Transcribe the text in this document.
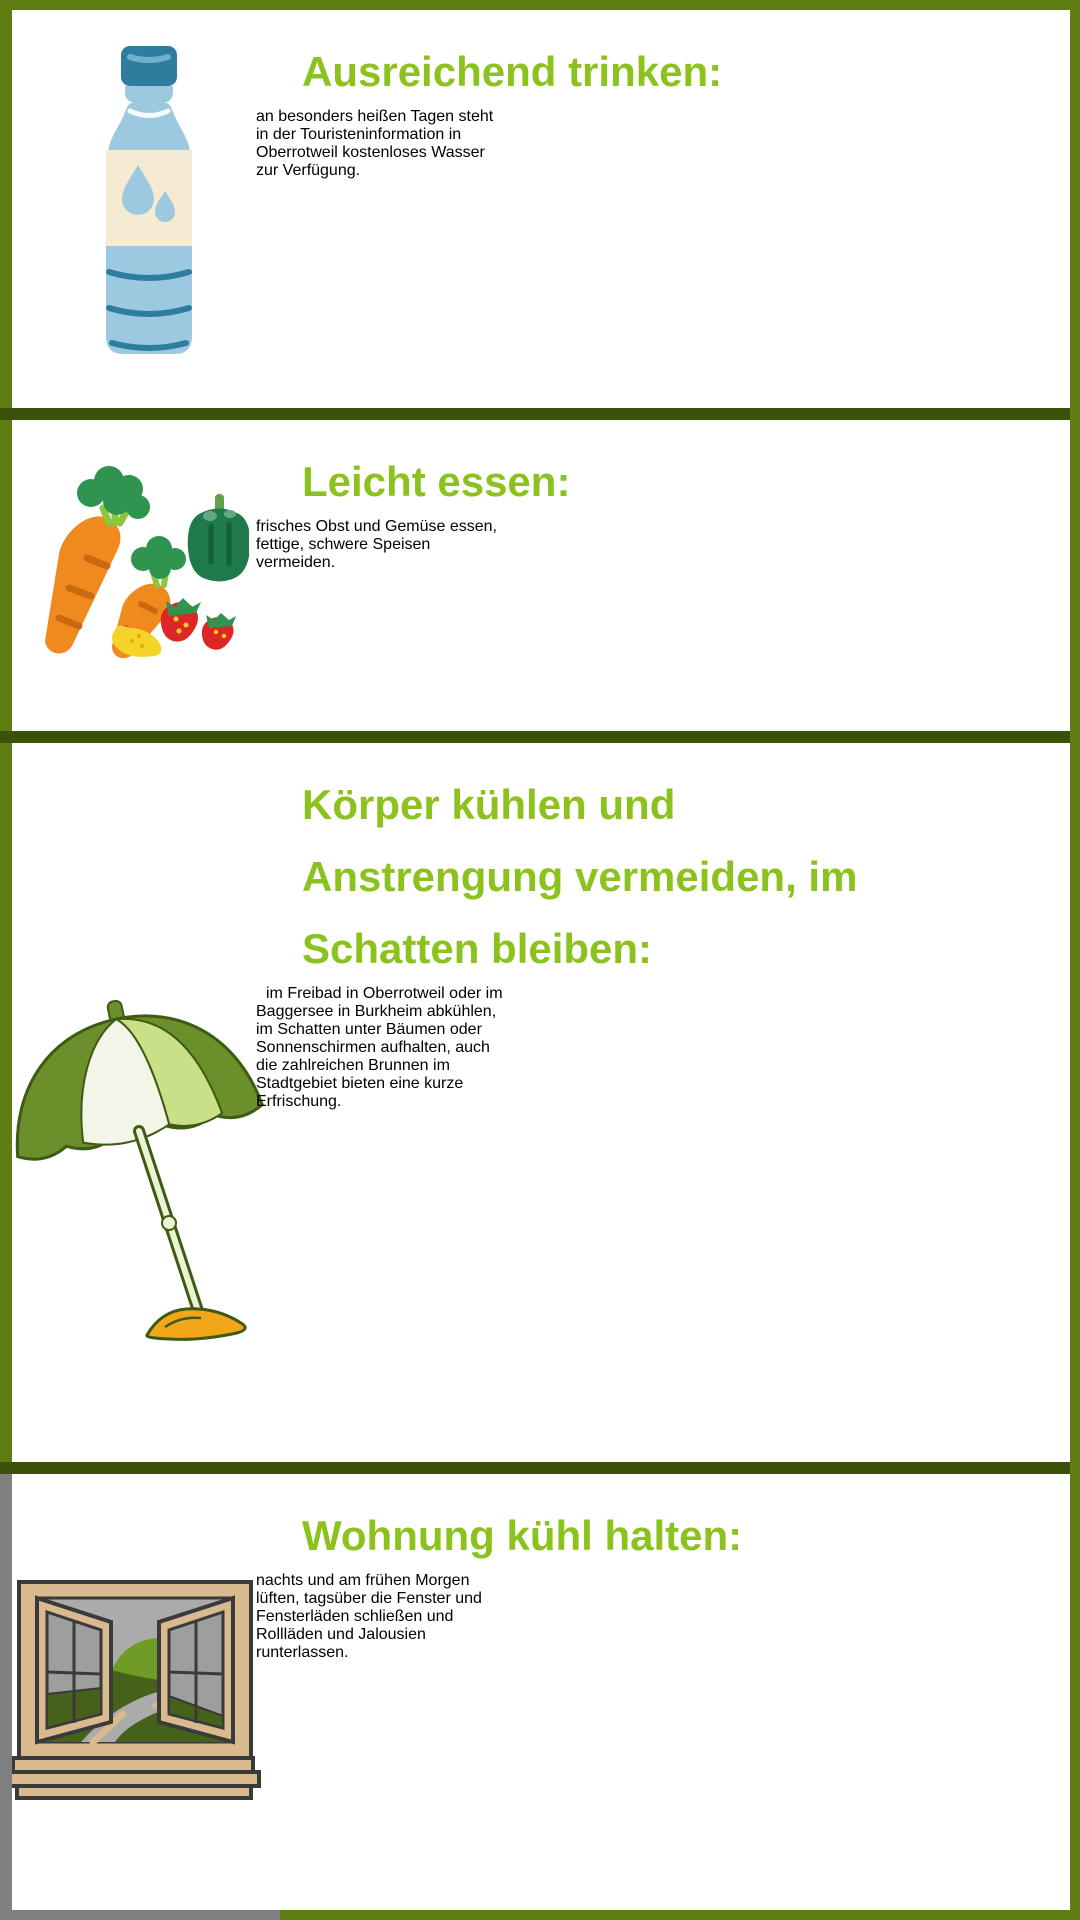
Ausreichend trinken:

an besonders heißen Tagen steht
in der Touristeninformation in
Oberrotweil kostenloses Wasser
zur Verfügung.

Leicht essen:

frisches Obst und Gemüse essen,
fettige, schwere Speisen
vermeiden.

Körper kühlen und
Anstrengung vermeiden, im
Schatten bleiben:

im Freibad in Oberrotweil oder im
Baggersee in Burkheim abkühlen,
im Schatten unter Bäumen oder
Sonnenschirmen aufhalten, auch
die zahlreichen Brunnen im
Stadtgebiet bieten eine kurze
Erfrischung.

Wohnung kühl halten:

nachts und am frühen Morgen
lüften, tagsüber die Fenster und
Fensterläden schließen und
Rollläden und Jalousien
runterlassen.
